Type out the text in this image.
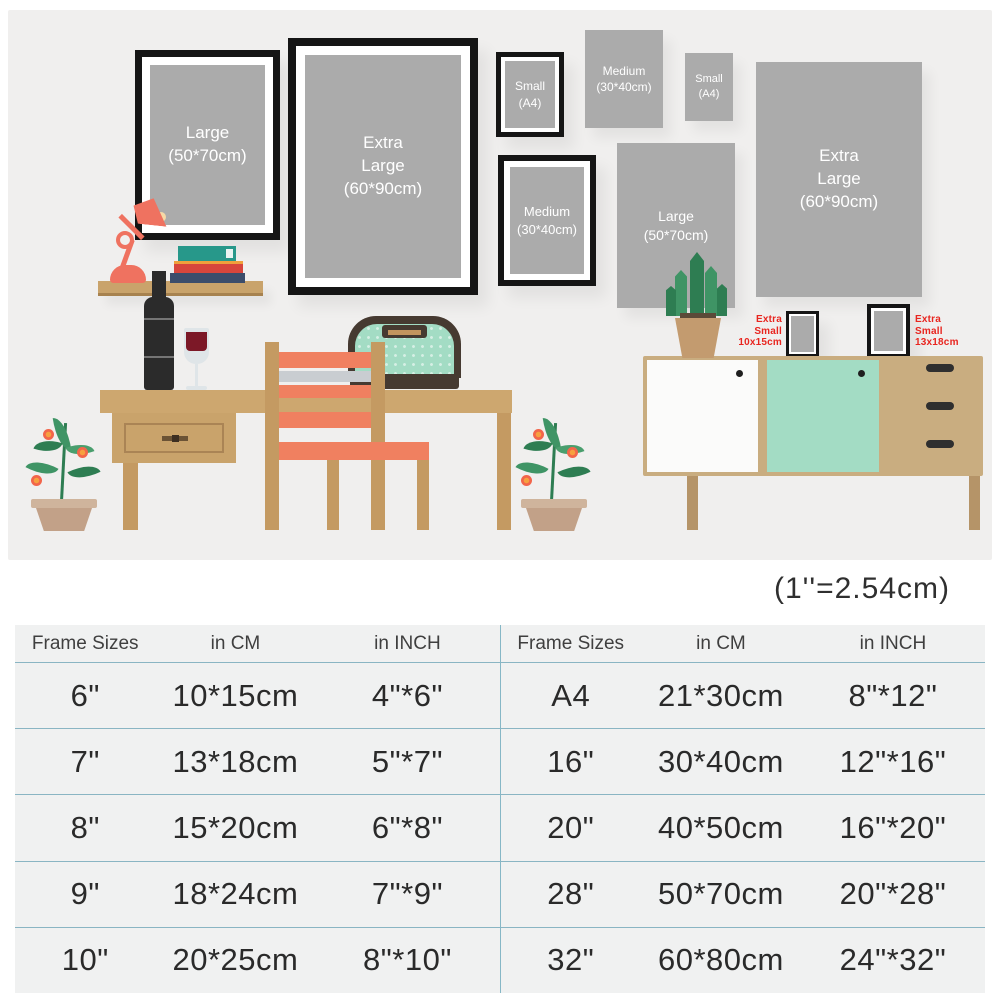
Large
(50*70cm)
Extra
Large
(60*90cm)
Small
(A4)
Medium
(30*40cm)
Small
(A4)
Medium
(30*40cm)
Large
(50*70cm)
Extra
Large
(60*90cm)
Extra
Small
10x15cm
Extra
Small
13x18cm
(1''=2.54cm)
Frame Sizes	in CM	in INCH
6"	10*15cm	4"*6"
7"	13*18cm	5"*7"
8"	15*20cm	6"*8"
9"	18*24cm	7"*9"
10"	20*25cm	8"*10"
Frame Sizes	in CM	in INCH
A4	21*30cm	8"*12"
16"	30*40cm	12"*16"
20"	40*50cm	16"*20"
28"	50*70cm	20"*28"
32"	60*80cm	24"*32"
